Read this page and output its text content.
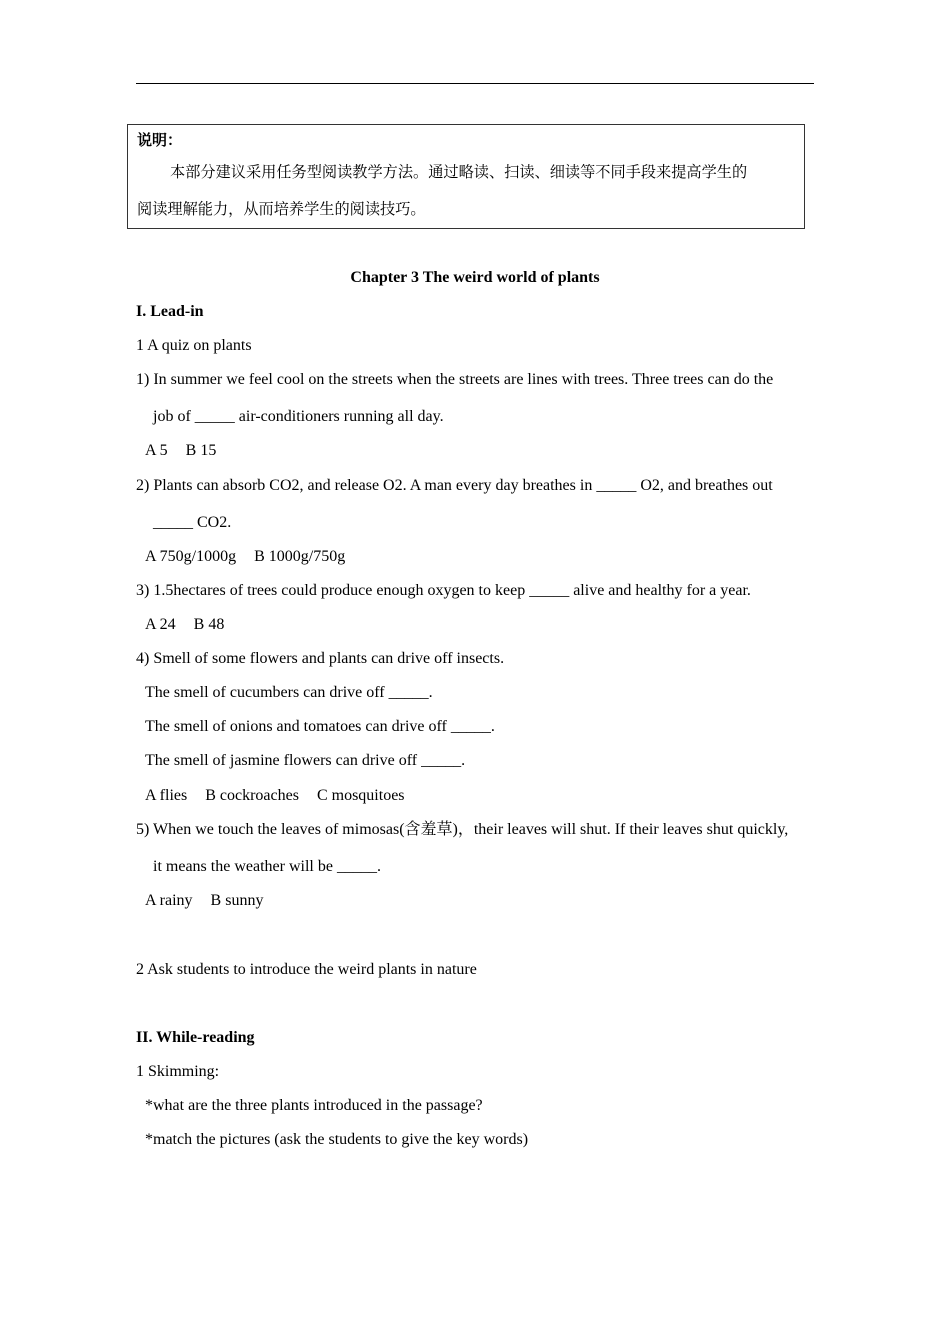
说明：
本部分建议采用任务型阅读教学方法。通过略读、扫读、细读等不同手段来提高学生的
阅读理解能力，从而培养学生的阅读技巧。
Chapter 3 The weird world of plants
I. Lead-in
1 A quiz on plants
1) In summer we feel cool on the streets when the streets are lines with trees. Three trees can do the
job of _____ air-conditioners running all day.
A 5 B 15
2) Plants can absorb CO2, and release O2. A man every day breathes in _____ O2, and breathes out
_____ CO2.
A 750g/1000g B 1000g/750g
3) 1.5hectares of trees could produce enough oxygen to keep _____ alive and healthy for a year.
A 24 B 48
4) Smell of some flowers and plants can drive off insects.
The smell of cucumbers can drive off _____.
The smell of onions and tomatoes can drive off _____.
The smell of jasmine flowers can drive off _____.
A flies B cockroaches C mosquitoes
5) When we touch the leaves of mimosas(含羞草)，their leaves will shut. If their leaves shut quickly,
it means the weather will be _____.
A rainy B sunny
2 Ask students to introduce the weird plants in nature
II. While-reading
1 Skimming:
*what are the three plants introduced in the passage?
*match the pictures (ask the students to give the key words)
